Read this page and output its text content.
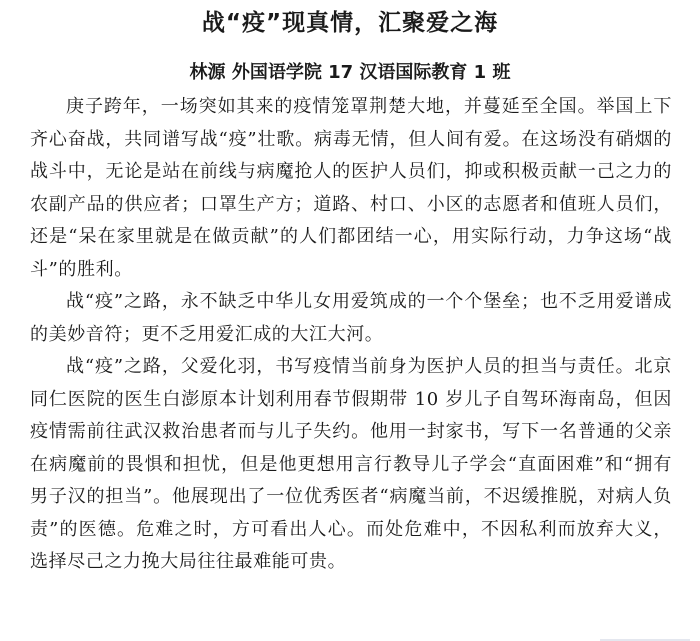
战“疫”现真情，汇聚爱之海
林源 外国语学院 17 汉语国际教育 1 班

庚子跨年，一场突如其来的疫情笼罩荆楚大地，并蔓延至全国。举国上下齐心奋战，共同谱写战“疫”壮歌。病毒无情，但人间有爱。在这场没有硝烟的战斗中，无论是站在前线与病魔抢人的医护人员们，抑或积极贡献一己之力的农副产品的供应者；口罩生产方；道路、村口、小区的志愿者和值班人员们，还是“呆在家里就是在做贡献”的人们都团结一心，用实际行动，力争这场“战斗”的胜利。

战“疫”之路，永不缺乏中华儿女用爱筑成的一个个堡垒；也不乏用爱谱成的美妙音符；更不乏用爱汇成的大江大河。

战“疫”之路，父爱化羽，书写疫情当前身为医护人员的担当与责任。北京同仁医院的医生白澎原本计划利用春节假期带 10 岁儿子自驾环海南岛，但因疫情需前往武汉救治患者而与儿子失约。他用一封家书，写下一名普通的父亲在病魔前的畏惧和担忧，但是他更想用言行教导儿子学会“直面困难”和“拥有男子汉的担当”。他展现出了一位优秀医者“病魔当前，不迟缓推脱，对病人负责”的医德。危难之时，方可看出人心。而处危难中，不因私利而放弃大义，选择尽己之力挽大局往往最难能可贵。
